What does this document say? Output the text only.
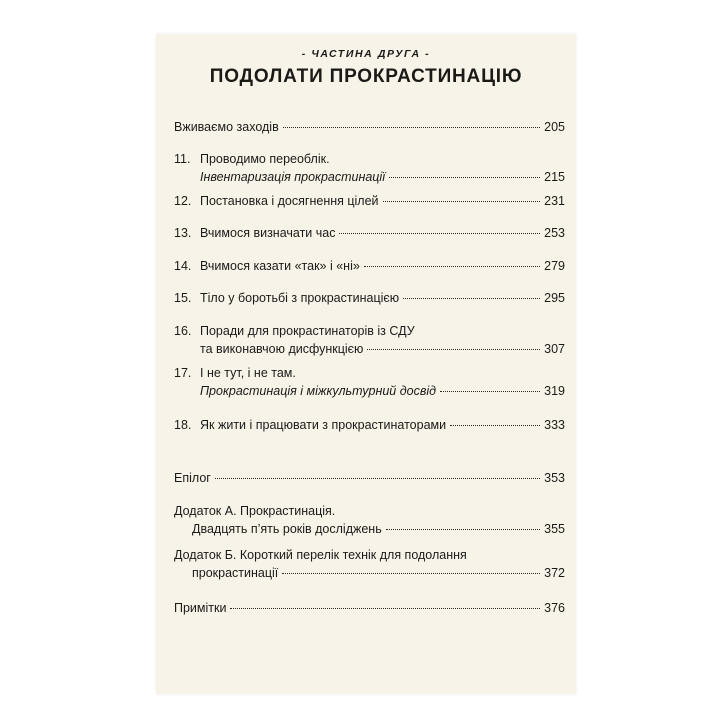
- ЧАСТИНА ДРУГА -
ПОДОЛАТИ ПРОКРАСТИНАЦІЮ
Вживаємо заходів	205
11. Проводимо переоблік.
Інвентаризація прокрастинації	215
12. Постановка і досягнення цілей	231
13. Вчимося визначати час	253
14. Вчимося казати «так» і «ні»	279
15. Тіло у боротьбі з прокрастинацією	295
16. Поради для прокрастинаторів із СДУ
та виконавчою дисфункцією	307
17. І не тут, і не там.
Прокрастинація і міжкультурний досвід	319
18. Як жити і працювати з прокрастинаторами	333
Епілог	353
Додаток А. Прокрастинація.
Двадцять п’ять років досліджень	355
Додаток Б. Короткий перелік технік для подолання
прокрастинації	372
Примітки	376
